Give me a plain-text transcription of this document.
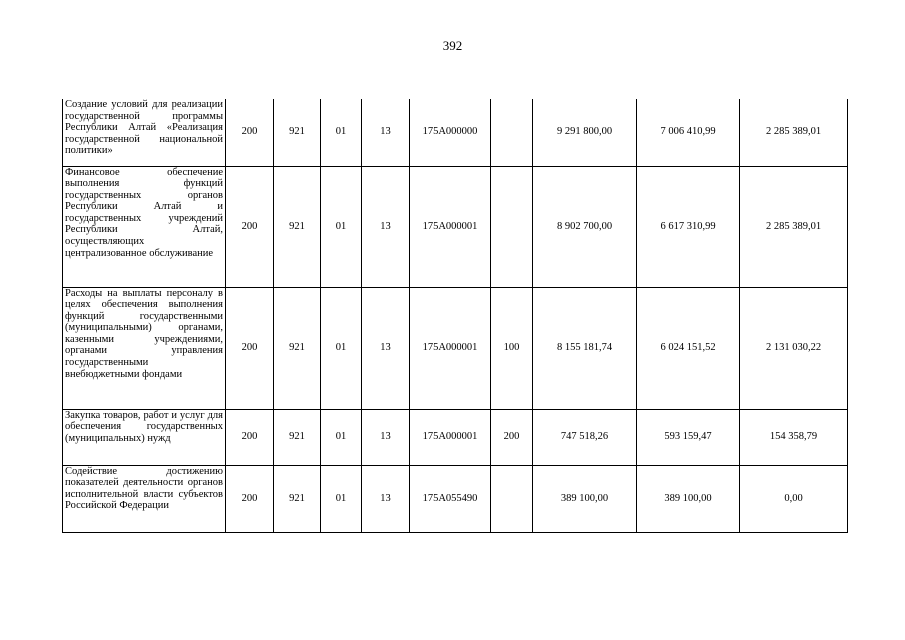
392
Создание условий для реализации государственной программы Республики Алтай «Реализация государственной национальной политики»	200	921	01	13	175А000000		9 291 800,00	7 006 410,99	2 285 389,01
Финансовое обеспечение выполнения функций государственных органов Республики Алтай и государственных учреждений Республики Алтай, осуществляющих централизованное обслуживание	200	921	01	13	175А000001		8 902 700,00	6 617 310,99	2 285 389,01
Расходы на выплаты персоналу в целях обеспечения выполнения функций государственными (муниципальными) органами, казенными учреждениями, органами управления государственными внебюджетными фондами	200	921	01	13	175А000001	100	8 155 181,74	6 024 151,52	2 131 030,22
Закупка товаров, работ и услуг для обеспечения государственных (муниципальных) нужд	200	921	01	13	175А000001	200	747 518,26	593 159,47	154 358,79
Содействие достижению показателей деятельности органов исполнительной власти субъектов Российской Федерации	200	921	01	13	175А055490		389 100,00	389 100,00	0,00
